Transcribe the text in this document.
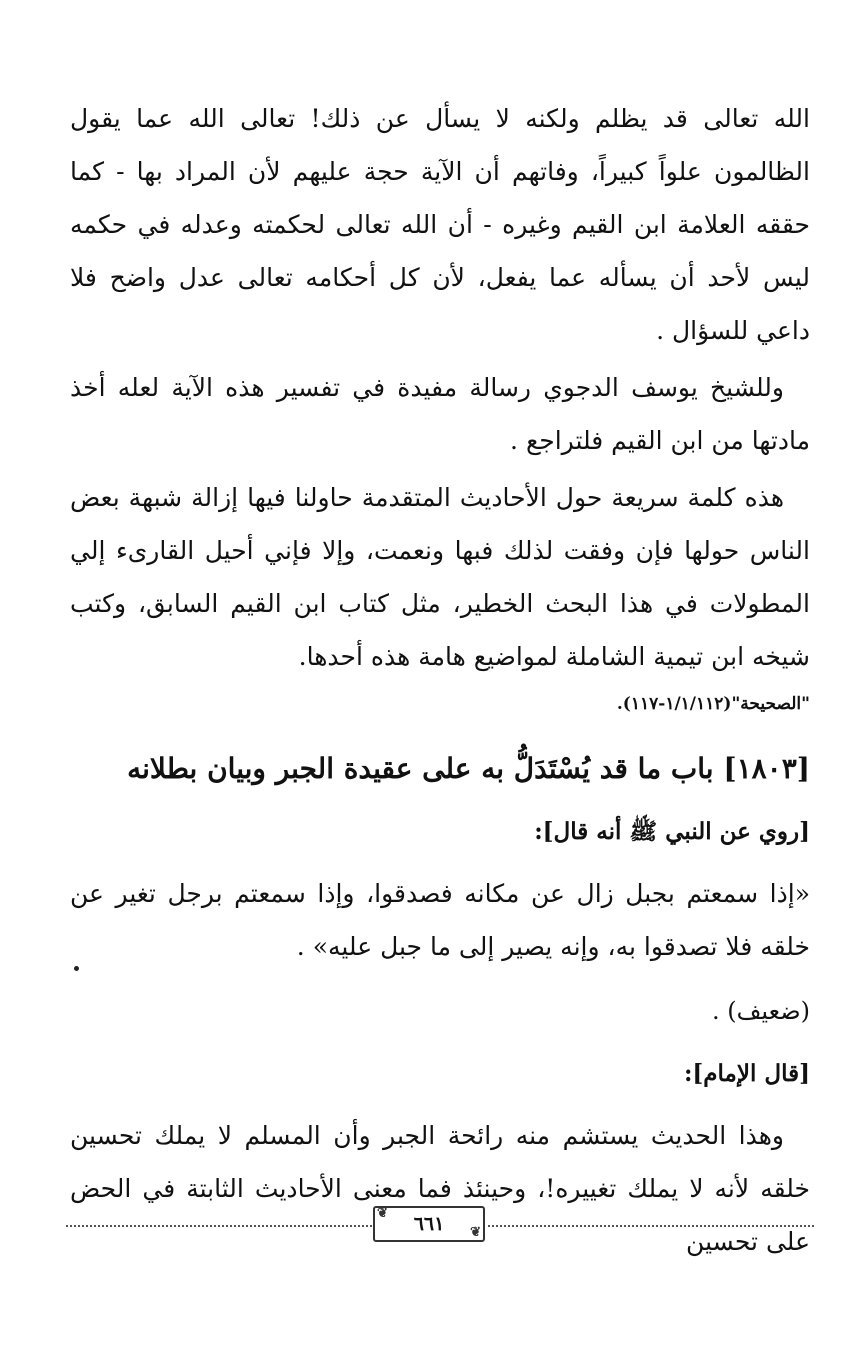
الله تعالى قد يظلم ولكنه لا يسأل عن ذلك! تعالى الله عما يقول الظالمون علواً كبيراً، وفاتهم أن الآية حجة عليهم لأن المراد بها - كما حققه العلامة ابن القيم وغيره - أن الله تعالى لحكمته وعدله في حكمه ليس لأحد أن يسأله عما يفعل، لأن كل أحكامه تعالى عدل واضح فلا داعي للسؤال .

وللشيخ يوسف الدجوي رسالة مفيدة في تفسير هذه الآية لعله أخذ مادتها من ابن القيم فلتراجع .

هذه كلمة سريعة حول الأحاديث المتقدمة حاولنا فيها إزالة شبهة بعض الناس حولها فإن وفقت لذلك فبها ونعمت، وإلا فإني أحيل القارىء إلي المطولات في هذا البحث الخطير، مثل كتاب ابن القيم السابق، وكتب شيخه ابن تيمية الشاملة لمواضيع هامة هذه أحدها.

"الصحيحة"(١/١/١١٢-١١٧).

[١٨٠٣] باب ما قد يُسْتَدَلُّ به على عقيدة الجبر وبيان بطلانه

[روي عن النبي ﷺ أنه قال]:

«إذا سمعتم بجبل زال عن مكانه فصدقوا، وإذا سمعتم برجل تغير عن خلقه فلا تصدقوا به، وإنه يصير إلى ما جبل عليه» .

(ضعيف) .

[قال الإمام]:

وهذا الحديث يستشم منه رائحة الجبر وأن المسلم لا يملك تحسين خلقه لأنه لا يملك تغييره!، وحينئذ فما معنى الأحاديث الثابتة في الحض على تحسين

❦ ٦٦١ ❦
